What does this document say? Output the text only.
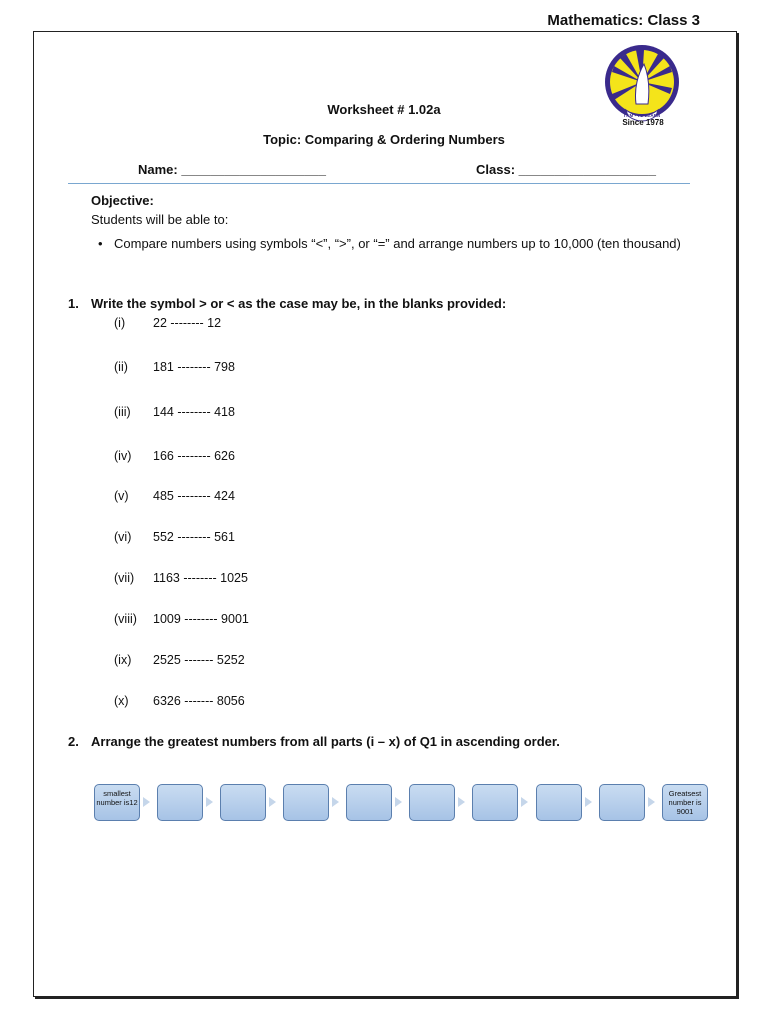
Mathematics: Class 3
I AM - TO LEARN
Since 1978
Worksheet # 1.02a
Topic: Comparing & Ordering Numbers
Name: ____________________	Class: ___________________
Objective:
Students will be able to:
• Compare numbers using symbols “<”, “>”, or “=” and arrange numbers up to 10,000 (ten thousand)
1. Write the symbol > or < as the case may be, in the blanks provided:
(i)	22 -------- 12
(ii)	181 -------- 798
(iii)	144 -------- 418
(iv)	166 -------- 626
(v)	485 -------- 424
(vi)	552 -------- 561
(vii)	1163 -------- 1025
(viii)	1009 -------- 9001
(ix)	2525 ------- 5252
(x)	6326 ------- 8056
2. Arrange the greatest numbers from all parts (i – x) of Q1 in ascending order.
smallest number is12
Greatsest number is 9001
